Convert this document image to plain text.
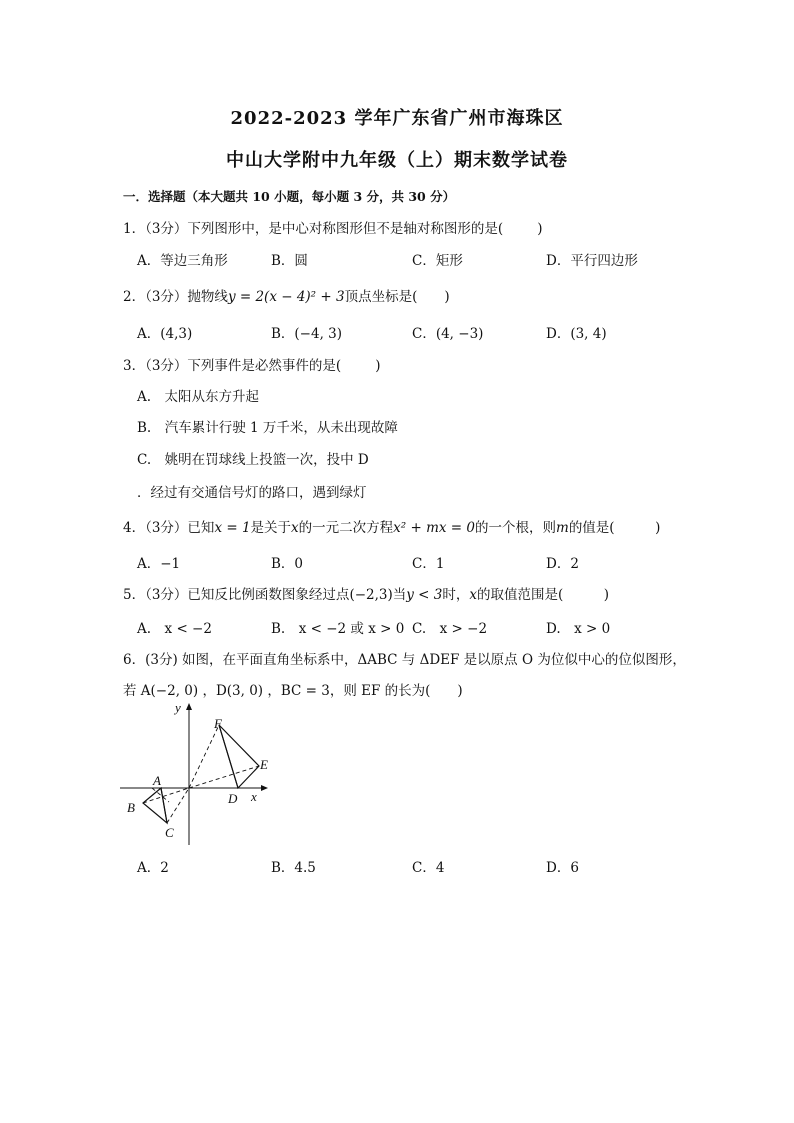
2022-2023 学年广东省广州市海珠区
中山大学附中九年级（上）期末数学试卷
一．选择题（本大题共 10 小题，每小题 3 分，共 30 分）
1．（3分）下列图形中，是中心对称图形但不是轴对称图形的是(	)
A．等边三角形	B．圆	C．矩形	D．平行四边形
2．（3分）抛物线y = 2(x − 4)² + 3顶点坐标是(　　)
A．(4,3)	B．(−4, 3)	C．(4, −3)	D．(3, 4)
3．（3分）下列事件是必然事件的是(	)
A.　太阳从东方升起
B.　汽车累计行驶 1 万千米，从未出现故障
C.　姚明在罚球线上投篮一次，投中 D
．经过有交通信号灯的路口，遇到绿灯
4．（3分）已知x = 1是关于x的一元二次方程x² + mx = 0的一个根，则m的值是(　　　)
A．−1	B．0	C．1	D．2
5．（3分）已知反比例函数图象经过点(−2,3)当y < 3时，x的取值范围是(　　　)
A.　x < −2	B.　x < −2 或 x > 0 C.　x > −2	D.　x > 0
6．(3分) 如图，在平面直角坐标系中，ΔABC 与 ΔDEF 是以原点 O 为位似中心的位似图形，
若 A(−2, 0) ，D(3, 0) ，BC = 3，则 EF 的长为(　　)
y
x
F
E
A
D
B
C
A．2	B．4.5	C．4	D．6
